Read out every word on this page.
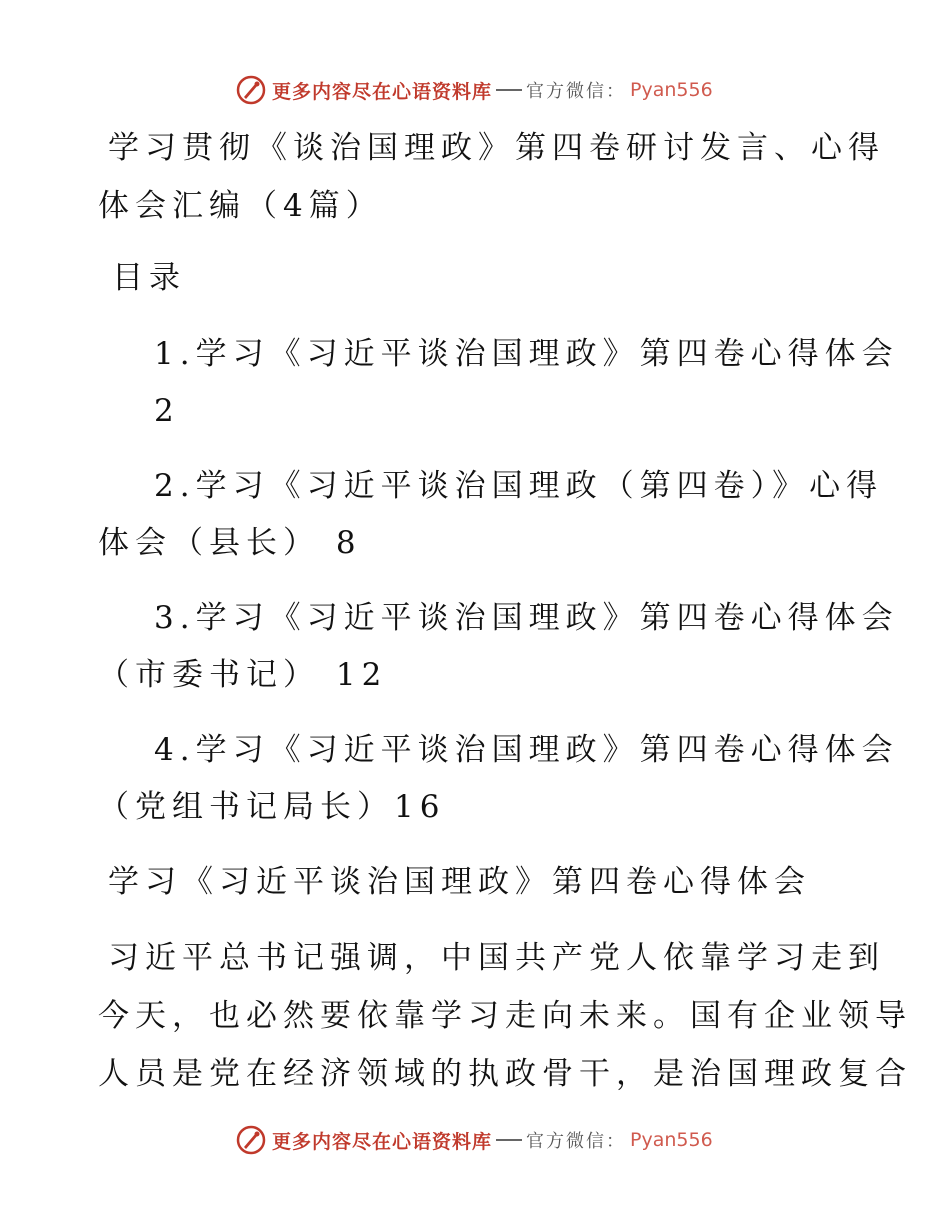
更多内容尽在心语资料库 官方微信： Pyan556
学习贯彻《谈治国理政》第四卷研讨发言、心得
体会汇编（4篇）
目录
1.学习《习近平谈治国理政》第四卷心得体会
2
2.学习《习近平谈治国理政（第四卷）》心得
体会（县长） 8
3.学习《习近平谈治国理政》第四卷心得体会
（市委书记） 12
4.学习《习近平谈治国理政》第四卷心得体会
（党组书记局长）16
学习《习近平谈治国理政》第四卷心得体会
习近平总书记强调，中国共产党人依靠学习走到
今天，也必然要依靠学习走向未来。国有企业领导
人员是党在经济领域的执政骨干，是治国理政复合
更多内容尽在心语资料库 官方微信： Pyan556
